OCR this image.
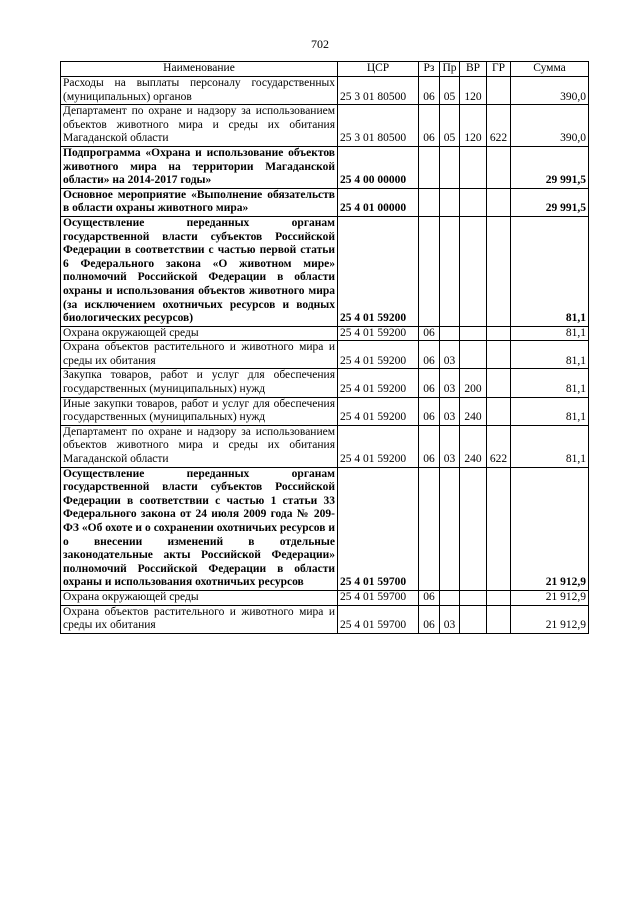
702
Наименование	ЦСР	Рз	Пр	ВР	ГР	Сумма
Расходы на выплаты персоналу государственных (муниципальных) органов	25 3 01 80500	06	05	120		390,0
Департамент по охране и надзору за использованием объектов животного мира и среды их обитания Магаданской области	25 3 01 80500	06	05	120	622	390,0
Подпрограмма «Охрана и использование объектов животного мира на территории Магаданской области» на 2014-2017 годы»	25 4 00 00000					29 991,5
Основное мероприятие «Выполнение обязательств в области охраны животного мира»	25 4 01 00000					29 991,5
Осуществление переданных органам государственной власти субъектов Российской Федерации в соответствии с частью первой статьи 6 Федерального закона «О животном мире» полномочий Российской Федерации в области охраны и использования объектов животного мира (за исключением охотничьих ресурсов и водных биологических ресурсов)	25 4 01 59200					81,1
Охрана окружающей среды	25 4 01 59200	06				81,1
Охрана объектов растительного и животного мира и среды их обитания	25 4 01 59200	06	03			81,1
Закупка товаров, работ и услуг для обеспечения государственных (муниципальных) нужд	25 4 01 59200	06	03	200		81,1
Иные закупки товаров, работ и услуг для обеспечения государственных (муниципальных) нужд	25 4 01 59200	06	03	240		81,1
Департамент по охране и надзору за использованием объектов животного мира и среды их обитания Магаданской области	25 4 01 59200	06	03	240	622	81,1
Осуществление переданных органам государственной власти субъектов Российской Федерации в соответствии с частью 1 статьи 33 Федерального закона от 24 июля 2009 года № 209-ФЗ «Об охоте и о сохранении охотничьих ресурсов и о внесении изменений в отдельные законодательные акты Российской Федерации» полномочий Российской Федерации в области охраны и использования охотничьих ресурсов	25 4 01 59700					21 912,9
Охрана окружающей среды	25 4 01 59700	06				21 912,9
Охрана объектов растительного и животного мира и среды их обитания	25 4 01 59700	06	03			21 912,9
